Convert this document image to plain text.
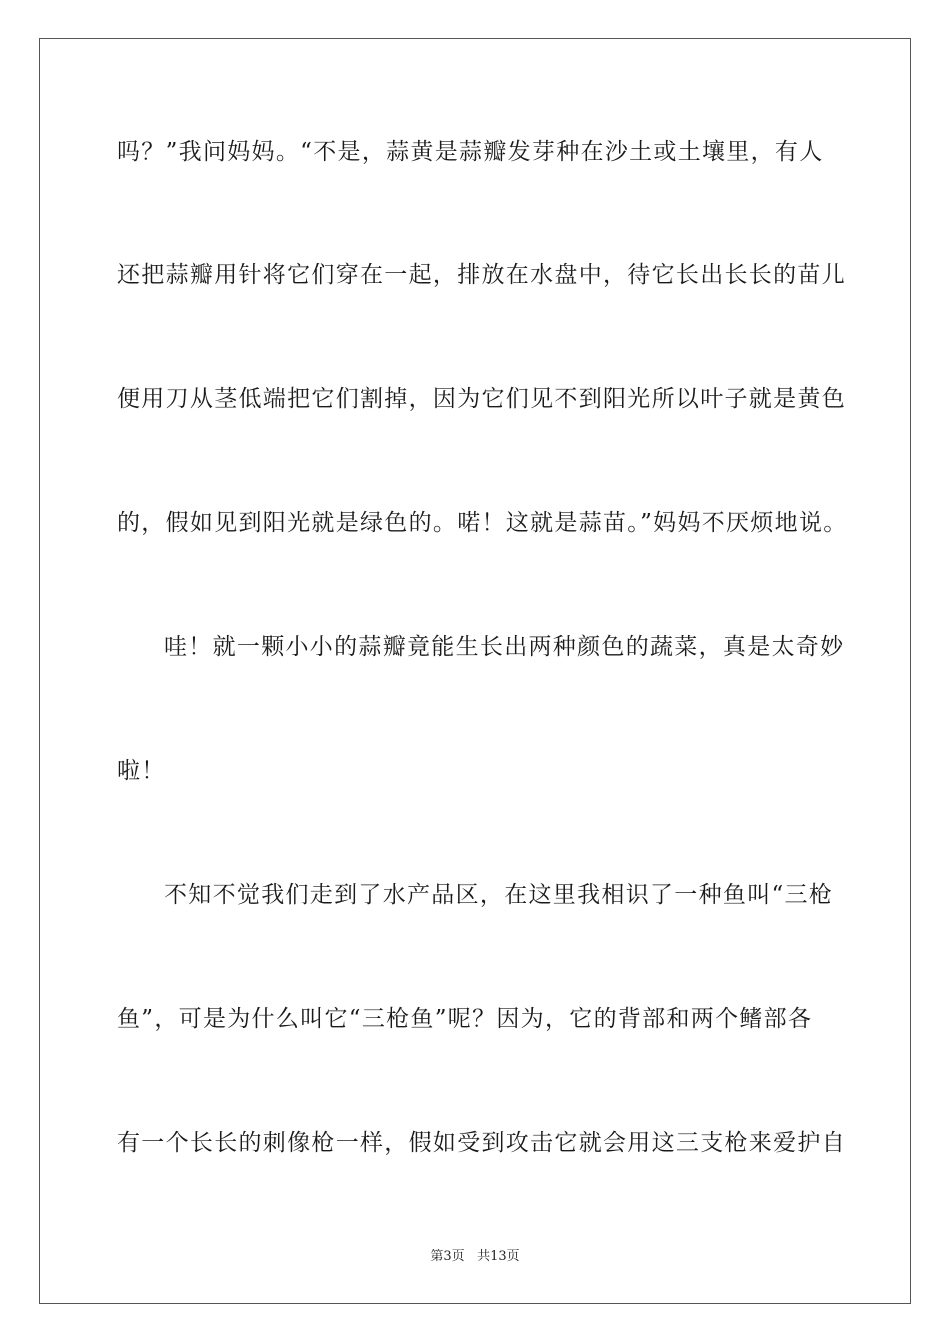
吗？”我问妈妈。“不是，蒜黄是蒜瓣发芽种在沙土或土壤里，有人
还把蒜瓣用针将它们穿在一起，排放在水盘中，待它长出长长的苗儿
便用刀从茎低端把它们割掉，因为它们见不到阳光所以叶子就是黄色
的，假如见到阳光就是绿色的。喏！这就是蒜苗。”妈妈不厌烦地说。
哇！就一颗小小的蒜瓣竟能生长出两种颜色的蔬菜，真是太奇妙
啦！
不知不觉我们走到了水产品区，在这里我相识了一种鱼叫“三枪
鱼”，可是为什么叫它“三枪鱼”呢？因为，它的背部和两个鳍部各
有一个长长的刺像枪一样，假如受到攻击它就会用这三支枪来爱护自
第3页 共13页
